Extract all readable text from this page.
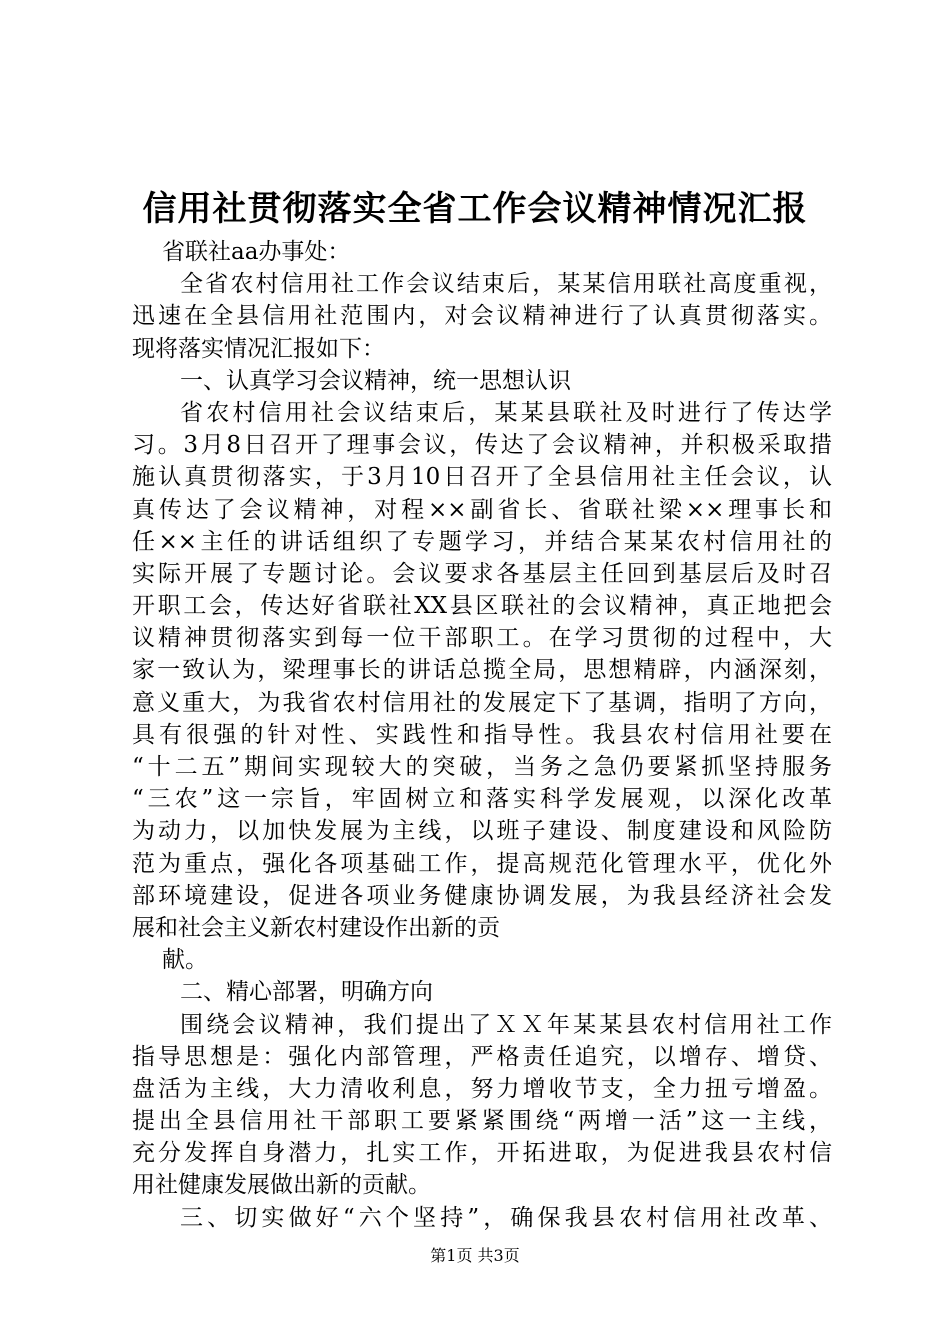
信用社贯彻落实全省工作会议精神情况汇报
省联社aa办事处：
全省农村信用社工作会议结束后，某某信用联社高度重视，
迅速在全县信用社范围内，对会议精神进行了认真贯彻落实。
现将落实情况汇报如下：
一、认真学习会议精神，统一思想认识
省农村信用社会议结束后，某某县联社及时进行了传达学
习。3月8日召开了理事会议，传达了会议精神，并积极采取措
施认真贯彻落实，于3月10日召开了全县信用社主任会议，认
真传达了会议精神，对程××副省长、省联社梁××理事长和
任××主任的讲话组织了专题学习，并结合某某农村信用社的
实际开展了专题讨论。会议要求各基层主任回到基层后及时召
开职工会，传达好省联社XX县区联社的会议精神，真正地把会
议精神贯彻落实到每一位干部职工。在学习贯彻的过程中，大
家一致认为，梁理事长的讲话总揽全局，思想精辟，内涵深刻，
意义重大，为我省农村信用社的发展定下了基调，指明了方向，
具有很强的针对性、实践性和指导性。我县农村信用社要在
“十二五”期间实现较大的突破，当务之急仍要紧抓坚持服务
“三农”这一宗旨，牢固树立和落实科学发展观，以深化改革
为动力，以加快发展为主线，以班子建设、制度建设和风险防
范为重点，强化各项基础工作，提高规范化管理水平，优化外
部环境建设，促进各项业务健康协调发展，为我县经济社会发
展和社会主义新农村建设作出新的贡
献。
二、精心部署，明确方向
围绕会议精神，我们提出了ＸＸ年某某县农村信用社工作
指导思想是：强化内部管理，严格责任追究，以增存、增贷、
盘活为主线，大力清收利息，努力增收节支，全力扭亏增盈。
提出全县信用社干部职工要紧紧围绕“两增一活”这一主线，
充分发挥自身潜力，扎实工作，开拓进取，为促进我县农村信
用社健康发展做出新的贡献。
三、切实做好“六个坚持”，确保我县农村信用社改革、
第1页 共3页
